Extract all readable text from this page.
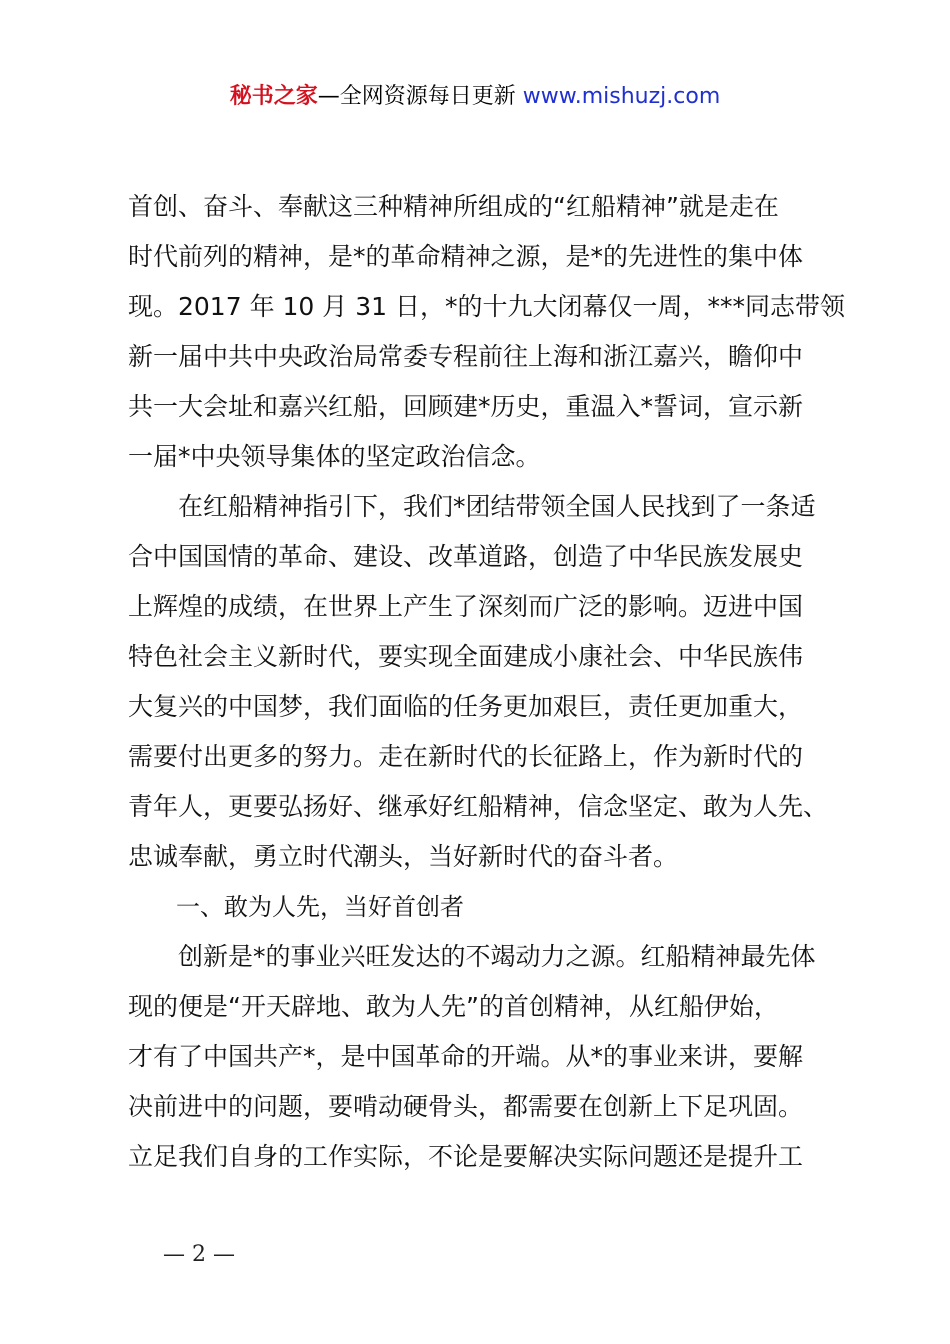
秘书之家—全网资源每日更新 www.mishuzj.com
首创、奋斗、奉献这三种精神所组成的“红船精神”就是走在
时代前列的精神，是*的革命精神之源，是*的先进性的集中体
现。2017 年 10 月 31 日，*的十九大闭幕仅一周，***同志带领
新一届中共中央政治局常委专程前往上海和浙江嘉兴，瞻仰中
共一大会址和嘉兴红船，回顾建*历史，重温入*誓词，宣示新
一届*中央领导集体的坚定政治信念。
　　在红船精神指引下，我们*团结带领全国人民找到了一条适
合中国国情的革命、建设、改革道路，创造了中华民族发展史
上辉煌的成绩，在世界上产生了深刻而广泛的影响。迈进中国
特色社会主义新时代，要实现全面建成小康社会、中华民族伟
大复兴的中国梦，我们面临的任务更加艰巨，责任更加重大，
需要付出更多的努力。走在新时代的长征路上，作为新时代的
青年人，更要弘扬好、继承好红船精神，信念坚定、敢为人先、
忠诚奉献，勇立时代潮头，当好新时代的奋斗者。
　　一、敢为人先，当好首创者
　　创新是*的事业兴旺发达的不竭动力之源。红船精神最先体
现的便是“开天辟地、敢为人先”的首创精神，从红船伊始，
才有了中国共产*，是中国革命的开端。从*的事业来讲，要解
决前进中的问题，要啃动硬骨头，都需要在创新上下足巩固。
立足我们自身的工作实际，不论是要解决实际问题还是提升工
— 2 —
